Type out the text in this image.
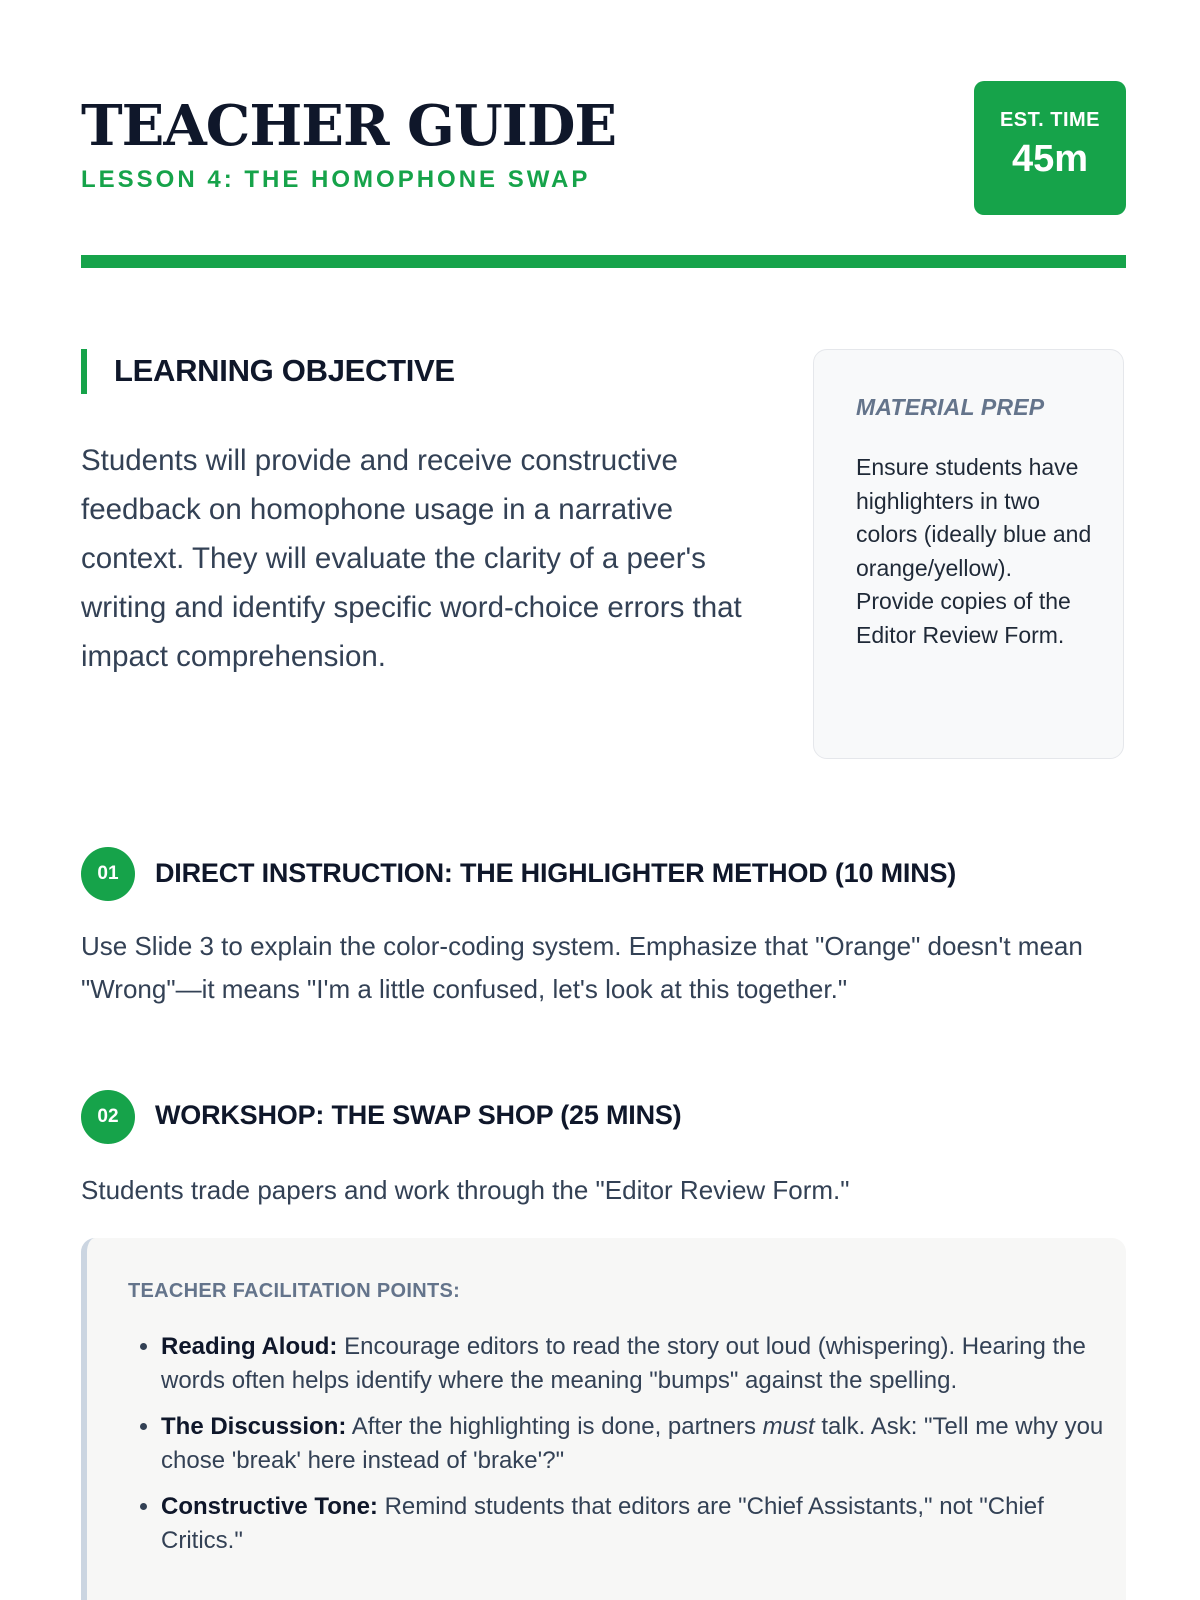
TEACHER GUIDE
LESSON 4: THE HOMOPHONE SWAP
EST. TIME
45m
LEARNING OBJECTIVE

Students will provide and receive constructive feedback on homophone usage in a narrative context. They will evaluate the clarity of a peer's writing and identify specific word-choice errors that impact comprehension.

MATERIAL PREP

Ensure students have highlighters in two colors (ideally blue and orange/yellow). Provide copies of the Editor Review Form.

01	DIRECT INSTRUCTION: THE HIGHLIGHTER METHOD (10 MINS)

Use Slide 3 to explain the color-coding system. Emphasize that "Orange" doesn't mean "Wrong"—it means "I'm a little confused, let's look at this together."

02	WORKSHOP: THE SWAP SHOP (25 MINS)

Students trade papers and work through the "Editor Review Form."

TEACHER FACILITATION POINTS:
• Reading Aloud: Encourage editors to read the story out loud (whispering). Hearing the words often helps identify where the meaning "bumps" against the spelling.
• The Discussion: After the highlighting is done, partners must talk. Ask: "Tell me why you chose 'break' here instead of 'brake'?"
• Constructive Tone: Remind students that editors are "Chief Assistants," not "Chief Critics."
